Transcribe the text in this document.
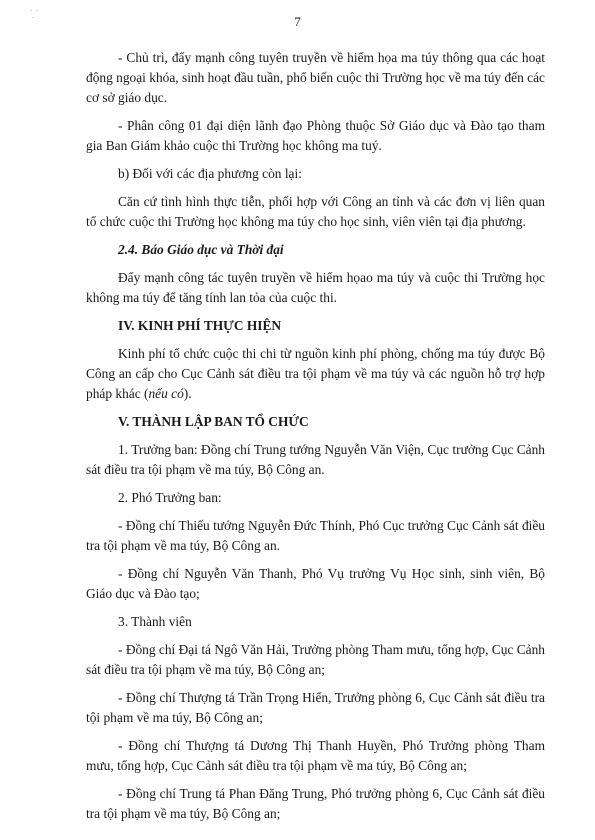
·  ·
·	7

- Chủ trì, đẩy mạnh công tuyên truyền về hiểm họa ma túy thông qua các hoạt động ngoại khóa, sinh hoạt đầu tuần, phổ biến cuộc thi Trường học về ma túy đến các cơ sở giáo dục.

- Phân công 01 đại diện lãnh đạo Phòng thuộc Sở Giáo dục và Đào tạo tham gia Ban Giám khảo cuộc thi Trường học không ma tuý.

b) Đối với các địa phương còn lại:

Căn cứ tình hình thực tiễn, phối hợp với Công an tỉnh và các đơn vị liên quan tổ chức cuộc thi Trường học không ma túy cho học sinh, viên viên tại địa phương.

2.4. Báo Giáo dục và Thời đại

Đẩy mạnh công tác tuyên truyền về hiểm họao ma túy và cuộc thi Trường học không ma túy để tăng tính lan tỏa của cuộc thi.

IV. KINH PHÍ THỰC HIỆN

Kinh phí tổ chức cuộc thi chi từ nguồn kinh phí phòng, chống ma túy được Bộ Công an cấp cho Cục Cảnh sát điều tra tội phạm về ma túy và các nguồn hỗ trợ hợp pháp khác (nếu có).

V. THÀNH LẬP BAN TỔ CHỨC

1. Trưởng ban: Đồng chí Trung tướng Nguyễn Văn Viện, Cục trưởng Cục Cảnh sát điều tra tội phạm về ma túy, Bộ Công an.

2. Phó Trưởng ban:

- Đồng chí Thiếu tướng Nguyễn Đức Thính, Phó Cục trưởng Cục Cảnh sát điều tra tội phạm về ma túy, Bộ Công an.

- Đồng chí Nguyễn Văn Thanh, Phó Vụ trưởng Vụ Học sinh, sinh viên, Bộ Giáo dục và Đào tạo;

3. Thành viên

- Đồng chí Đại tá Ngô Văn Hải, Trưởng phòng Tham mưu, tổng hợp, Cục Cảnh sát điều tra tội phạm về ma túy, Bộ Công an;

- Đồng chí Thượng tá Trần Trọng Hiển, Trưởng phòng 6, Cục Cảnh sát điều tra tội phạm về ma túy, Bộ Công an;

- Đồng chí Thượng tá Dương Thị Thanh Huyền, Phó Trưởng phòng Tham mưu, tổng hợp, Cục Cảnh sát điều tra tội phạm về ma túy, Bộ Công an;

- Đồng chí Trung tá Phan Đăng Trung, Phó trưởng phòng 6, Cục Cảnh sát điều tra tội phạm về ma túy, Bộ Công an;
